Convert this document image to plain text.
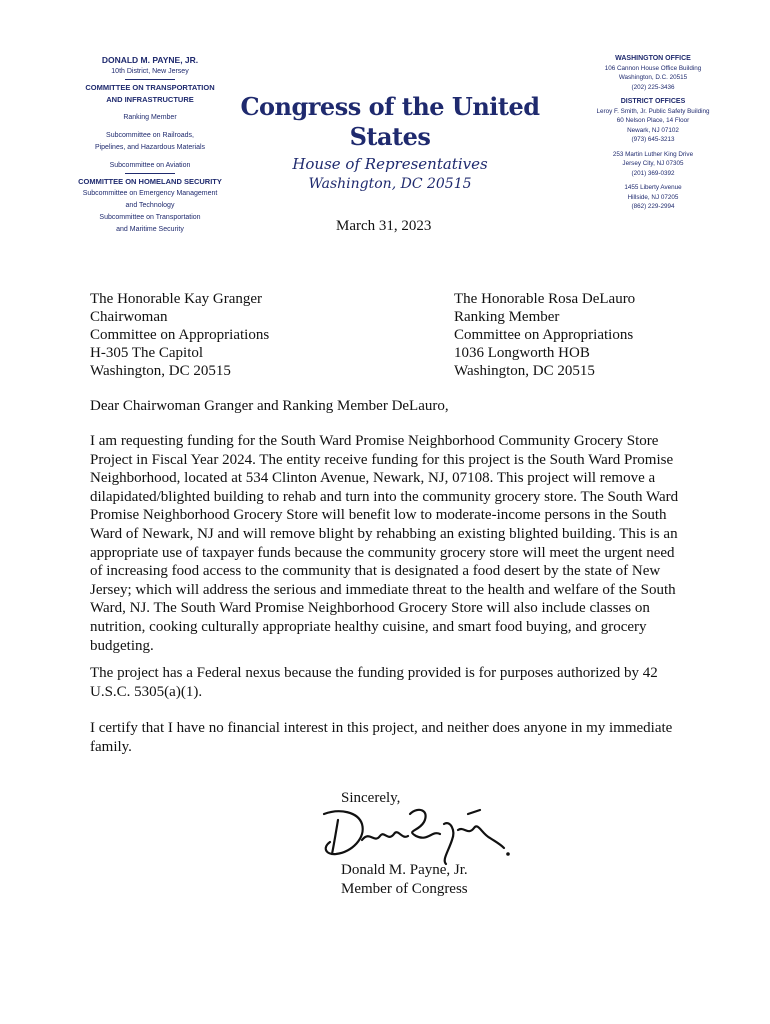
DONALD M. PAYNE, JR.
10th District, New Jersey
COMMITTEE ON TRANSPORTATION
AND INFRASTRUCTURE
Ranking Member
Subcommittee on Railroads,
Pipelines, and Hazardous Materials
Subcommittee on Aviation
COMMITTEE ON HOMELAND SECURITY
Subcommittee on Emergency Management
and Technology
Subcommittee on Transportation
and Maritime Security
Congress of the United States
House of Representatives
Washington, DC 20515
WASHINGTON OFFICE
106 Cannon House Office Building
Washington, D.C. 20515
(202) 225-3436
DISTRICT OFFICES
Leroy F. Smith, Jr. Public Safety Building
60 Nelson Place, 14 Floor
Newark, NJ 07102
(973) 645-3213
253 Martin Luther King Drive
Jersey City, NJ 07305
(201) 369-0392
1455 Liberty Avenue
Hillside, NJ 07205
(862) 229-2994
March 31, 2023
The Honorable Kay Granger
Chairwoman
Committee on Appropriations
H-305 The Capitol
Washington, DC 20515
The Honorable Rosa DeLauro
Ranking Member
Committee on Appropriations
1036 Longworth HOB
Washington, DC 20515
Dear Chairwoman Granger and Ranking Member DeLauro,
I am requesting funding for the South Ward Promise Neighborhood Community Grocery Store Project in Fiscal Year 2024. The entity receive funding for this project is the South Ward Promise Neighborhood, located at 534 Clinton Avenue, Newark, NJ, 07108. This project will remove a dilapidated/blighted building to rehab and turn into the community grocery store. The South Ward Promise Neighborhood Grocery Store will benefit low to moderate-income persons in the South Ward of Newark, NJ and will remove blight by rehabbing an existing blighted building. This is an appropriate use of taxpayer funds because the community grocery store will meet the urgent need of increasing food access to the community that is designated a food desert by the state of New Jersey; which will address the serious and immediate threat to the health and welfare of the South Ward, NJ. The South Ward Promise Neighborhood Grocery Store will also include classes on nutrition, cooking culturally appropriate healthy cuisine, and smart food buying, and grocery budgeting.
The project has a Federal nexus because the funding provided is for purposes authorized by 42 U.S.C. 5305(a)(1).
I certify that I have no financial interest in this project, and neither does anyone in my immediate family.
Sincerely,
Donald M. Payne, Jr.
Member of Congress
